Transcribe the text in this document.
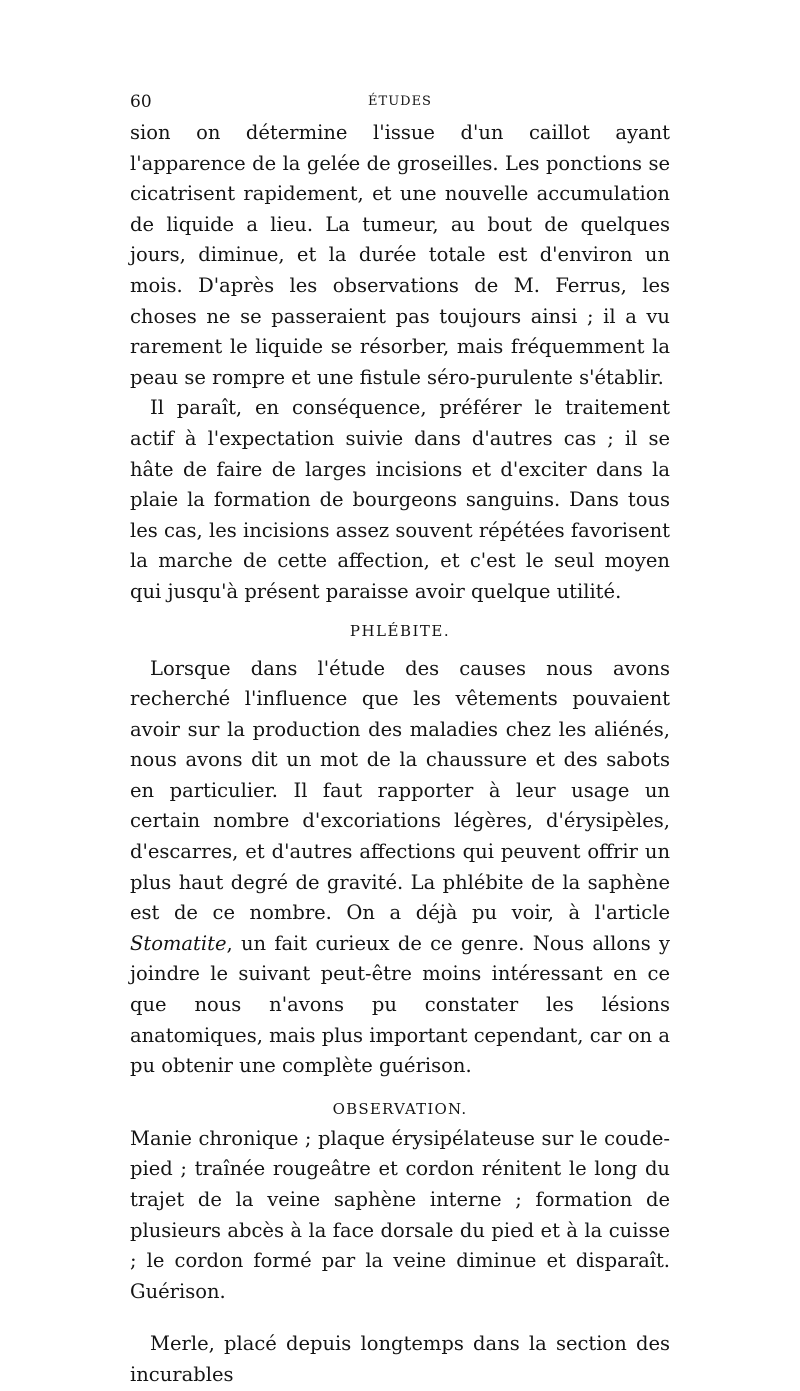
60	ÉTUDES

sion on détermine l'issue d'un caillot ayant l'apparence de la gelée de groseilles. Les ponctions se cicatrisent rapidement, et une nouvelle accumulation de liquide a lieu. La tumeur, au bout de quelques jours, diminue, et la durée totale est d'environ un mois. D'après les observations de M. Ferrus, les choses ne se passeraient pas toujours ainsi ; il a vu rarement le liquide se résorber, mais fréquemment la peau se rompre et une fistule séro-purulente s'établir.

Il paraît, en conséquence, préférer le traitement actif à l'expectation suivie dans d'autres cas ; il se hâte de faire de larges incisions et d'exciter dans la plaie la formation de bourgeons sanguins. Dans tous les cas, les incisions assez souvent répétées favorisent la marche de cette affection, et c'est le seul moyen qui jusqu'à présent paraisse avoir quelque utilité.

PHLÉBITE.

Lorsque dans l'étude des causes nous avons recherché l'influence que les vêtements pouvaient avoir sur la production des maladies chez les aliénés, nous avons dit un mot de la chaussure et des sabots en particulier. Il faut rapporter à leur usage un certain nombre d'excoriations légères, d'érysipèles, d'escarres, et d'autres affections qui peuvent offrir un plus haut degré de gravité. La phlébite de la saphène est de ce nombre. On a déjà pu voir, à l'article Stomatite, un fait curieux de ce genre. Nous allons y joindre le suivant peut-être moins intéressant en ce que nous n'avons pu constater les lésions anatomiques, mais plus important cependant, car on a pu obtenir une complète guérison.

OBSERVATION.

Manie chronique ; plaque érysipélateuse sur le coude-pied ; traînée rougeâtre et cordon rénitent le long du trajet de la veine saphène interne ; formation de plusieurs abcès à la face dorsale du pied et à la cuisse ; le cordon formé par la veine diminue et disparaît. Guérison.

Merle, placé depuis longtemps dans la section des incurables
